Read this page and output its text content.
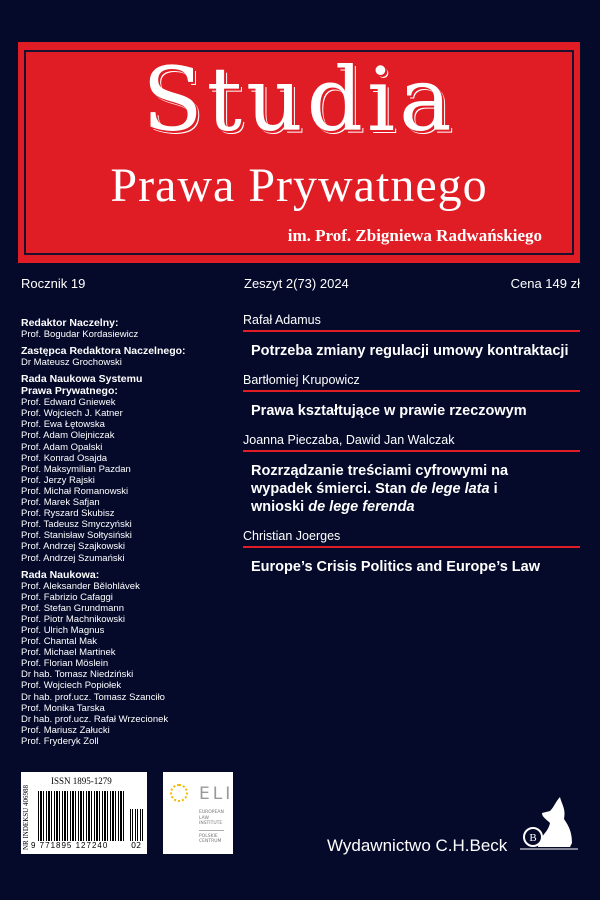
Studia
Prawa Prywatnego
im. Prof. Zbigniewa Radwańskiego
Rocznik 19	Zeszyt 2(73) 2024	Cena 149 zł
Redaktor Naczelny:
Prof. Bogudar Kordasiewicz
Zastępca Redaktora Naczelnego:
Dr Mateusz Grochowski
Rada Naukowa Systemu Prawa Prywatnego:
Prof. Edward Gniewek
Prof. Wojciech J. Katner
Prof. Ewa Łętowska
Prof. Adam Olejniczak
Prof. Adam Opalski
Prof. Konrad Osajda
Prof. Maksymilian Pazdan
Prof. Jerzy Rajski
Prof. Michał Romanowski
Prof. Marek Safjan
Prof. Ryszard Skubisz
Prof. Tadeusz Smyczyński
Prof. Stanisław Sołtysiński
Prof. Andrzej Szajkowski
Prof. Andrzej Szumański
Rada Naukowa:
Prof. Aleksander Bělohlávek
Prof. Fabrizio Cafaggi
Prof. Stefan Grundmann
Prof. Piotr Machnikowski
Prof. Ulrich Magnus
Prof. Chantal Mak
Prof. Michael Martinek
Prof. Florian Möslein
Dr hab. Tomasz Niedziński
Prof. Wojciech Popiołek
Dr hab. prof.ucz. Tomasz Szanciło
Prof. Monika Tarska
Dr hab. prof.ucz. Rafał Wrzecionek
Prof. Mariusz Załucki
Prof. Fryderyk Zoll
Rafał Adamus
Potrzeba zmiany regulacji umowy kontraktacji
Bartłomiej Krupowicz
Prawa kształtujące w prawie rzeczowym
Joanna Pieczaba, Dawid Jan Walczak
Rozrządzanie treściami cyfrowymi na wypadek śmierci. Stan de lege lata i wnioski de lege ferenda
Christian Joerges
Europe’s Crisis Politics and Europe’s Law
ISSN 1895-1279
NR INDEKSU 406988 9 771895 127240	02
ELI
EUROPEAN
LAW
INSTITUTE
POLSKIE
CENTRUM	Wydawnictwo C.H.Beck B
